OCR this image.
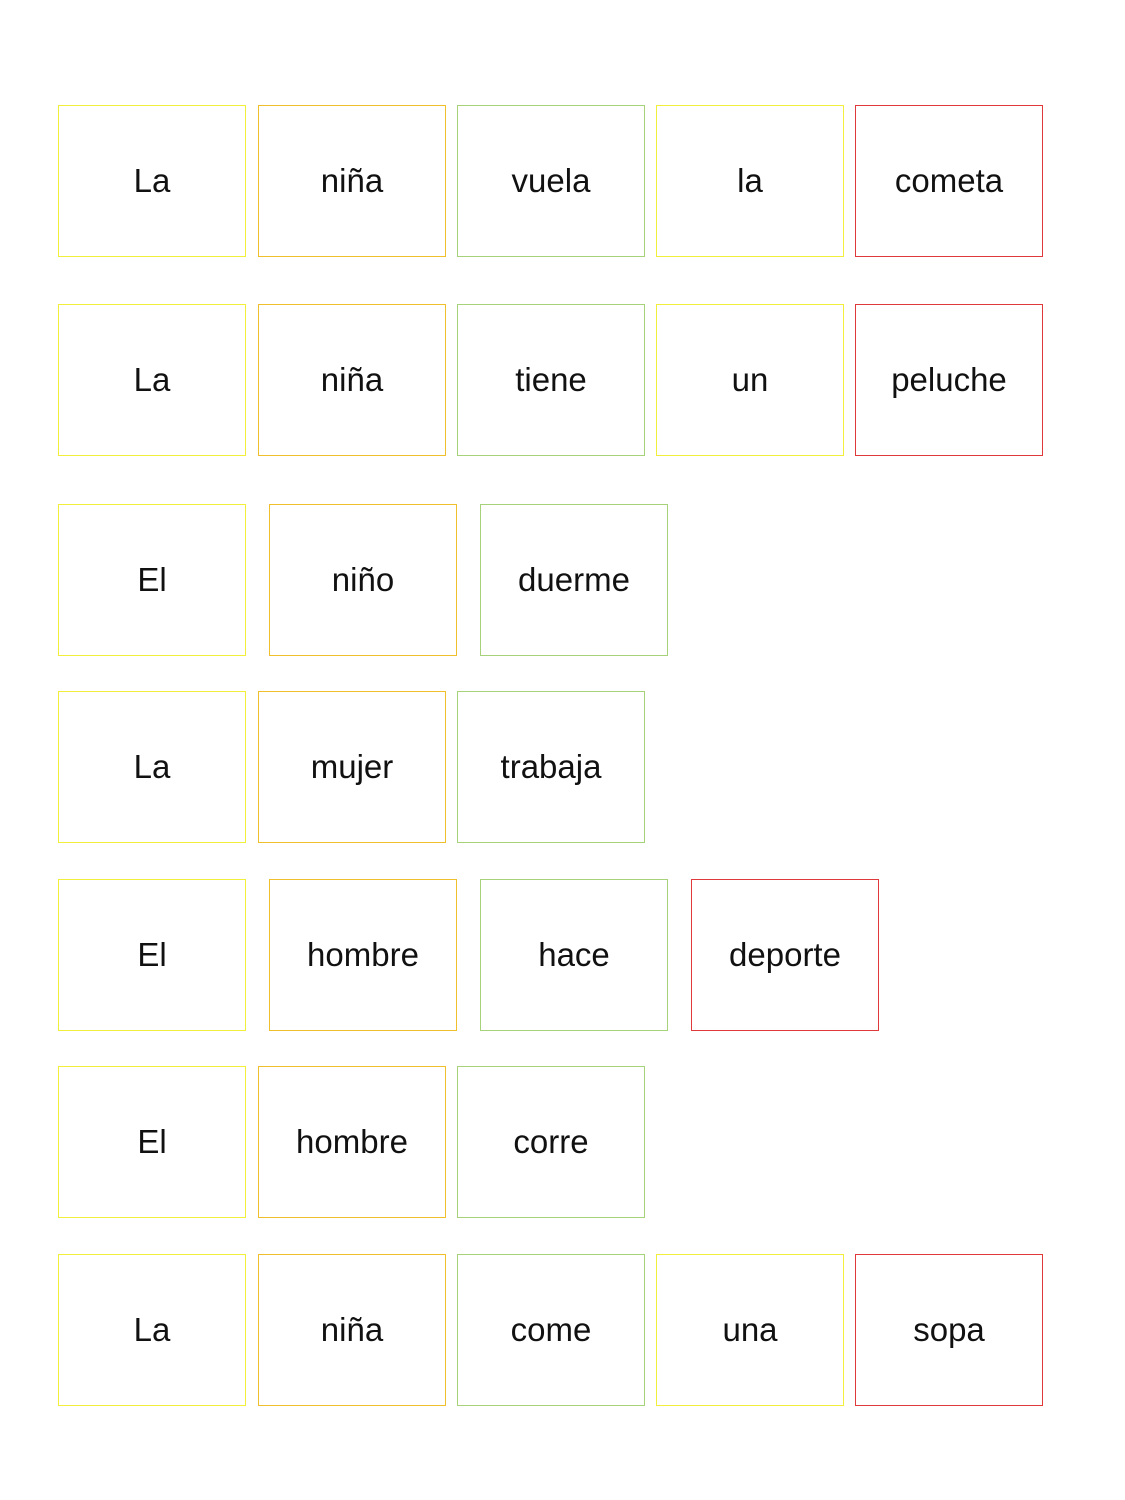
La	niña	vuela	la	cometa
La	niña	tiene	un	peluche
El	niño	duerme
La	mujer	trabaja
El	hombre	hace	deporte
El	hombre	corre
La	niña	come	una	sopa
